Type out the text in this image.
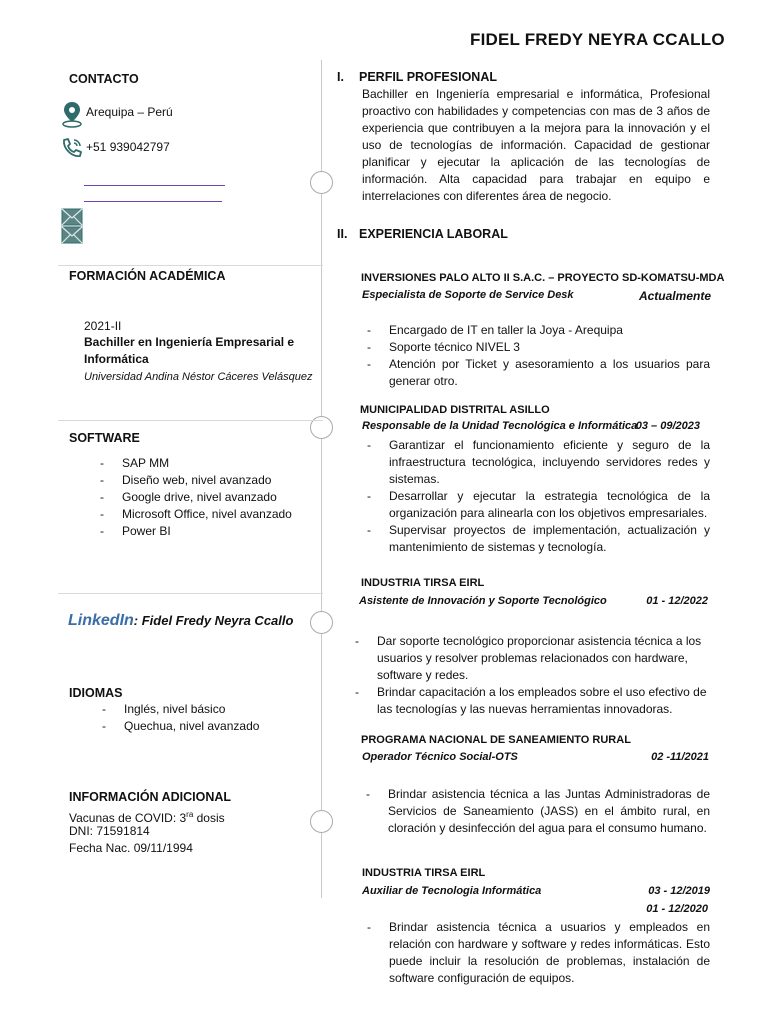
FIDEL FREDY NEYRA CCALLO
CONTACTO
Arequipa – Perú
+51 939042797
FORMACIÓN ACADÉMICA
2021-II
Bachiller en Ingeniería Empresarial e
Informática
Universidad Andina Néstor Cáceres Velásquez
SOFTWARE
- SAP MM
- Diseño web, nivel avanzado
- Google drive, nivel avanzado
- Microsoft Office, nivel avanzado
- Power BI
LinkedIn: Fidel Fredy Neyra Ccallo
IDIOMAS
- Inglés, nivel básico
- Quechua, nivel avanzado
INFORMACIÓN ADICIONAL
Vacunas de COVID: $3^{ra}$ dosis
DNI: 71591814
Fecha Nac. 09/11/1994
I. PERFIL PROFESIONAL
Bachiller en Ingeniería empresarial e informática, Profesional proactivo con habilidades y competencias con mas de 3 años de experiencia que contribuyen a la mejora para la innovación y el uso de tecnologías de información. Capacidad de gestionar planificar y ejecutar la aplicación de las tecnologías de información. Alta capacidad para trabajar en equipo e interrelaciones con diferentes área de negocio.
II. EXPERIENCIA LABORAL
INVERSIONES PALO ALTO II S.A.C. – PROYECTO SD-KOMATSU-MDA
Especialista de Soporte de Service Desk	Actualmente
- Encargado de IT en taller la Joya - Arequipa
- Soporte técnico NIVEL 3
- Atención por Ticket y asesoramiento a los usuarios para generar otro.
MUNICIPALIDAD DISTRITAL ASILLO
Responsable de la Unidad Tecnológica e Informática
03 – 09/2023
- Garantizar el funcionamiento eficiente y seguro de la infraestructura tecnológica, incluyendo servidores redes y sistemas.
- Desarrollar y ejecutar la estrategia tecnológica de la organización para alinearla con los objetivos empresariales.
- Supervisar proyectos de implementación, actualización y mantenimiento de sistemas y tecnología.
INDUSTRIA TIRSA EIRL
Asistente de Innovación y Soporte Tecnológico	01 - 12/2022
- Dar soporte tecnológico proporcionar asistencia técnica a los usuarios y resolver problemas relacionados con hardware, software y redes.
- Brindar capacitación a los empleados sobre el uso efectivo de las tecnologías y las nuevas herramientas innovadoras.
PROGRAMA NACIONAL DE SANEAMIENTO RURAL
Operador Técnico Social-OTS	02 -11/2021
- Brindar asistencia técnica a las Juntas Administradoras de Servicios de Saneamiento (JASS) en el ámbito rural, en cloración y desinfección del agua para el consumo humano.
INDUSTRIA TIRSA EIRL
Auxiliar de Tecnologia Informática	03 - 12/2019
01 - 12/2020
- Brindar asistencia técnica a usuarios y empleados en relación con hardware y software y redes informáticas. Esto puede incluir la resolución de problemas, instalación de software configuración de equipos.
